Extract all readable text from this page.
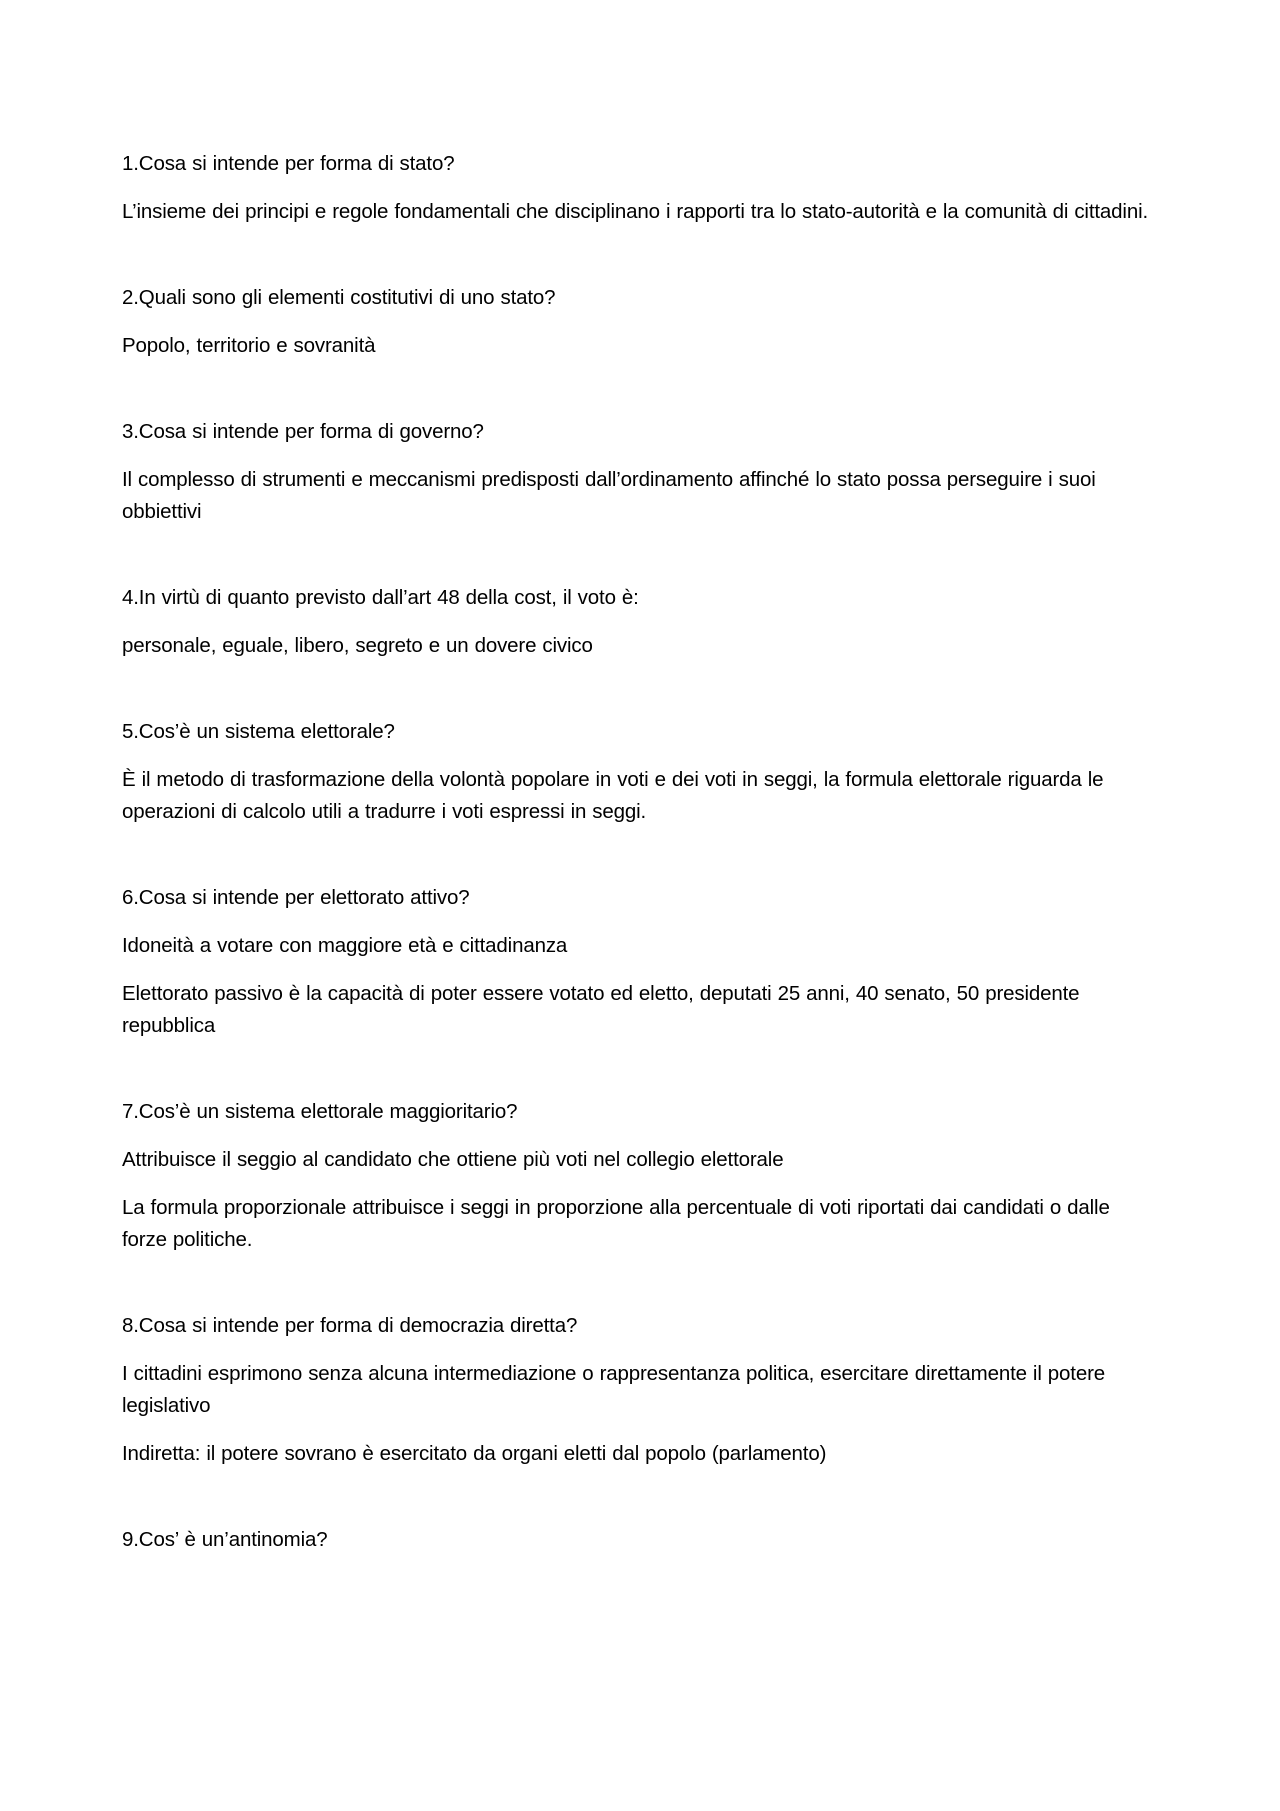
1.Cosa si intende per forma di stato?

L’insieme dei principi e regole fondamentali che disciplinano i rapporti tra lo stato-autorità e la comunità di cittadini.

2.Quali sono gli elementi costitutivi di uno stato?

Popolo, territorio e sovranità

3.Cosa si intende per forma di governo?

Il complesso di strumenti e meccanismi predisposti dall’ordinamento affinché lo stato possa perseguire i suoi obbiettivi

4.In virtù di quanto previsto dall’art 48 della cost, il voto è:

personale, eguale, libero, segreto e un dovere civico

5.Cos’è un sistema elettorale?

È il metodo di trasformazione della volontà popolare in voti e dei voti in seggi, la formula elettorale riguarda le operazioni di calcolo utili a tradurre i voti espressi in seggi.

6.Cosa si intende per elettorato attivo?

Idoneità a votare con maggiore età e cittadinanza

Elettorato passivo è la capacità di poter essere votato ed eletto, deputati 25 anni, 40 senato, 50 presidente repubblica

7.Cos’è un sistema elettorale maggioritario?

Attribuisce il seggio al candidato che ottiene più voti nel collegio elettorale

La formula proporzionale attribuisce i seggi in proporzione alla percentuale di voti riportati dai candidati o dalle forze politiche.

8.Cosa si intende per forma di democrazia diretta?

I cittadini esprimono senza alcuna intermediazione o rappresentanza politica, esercitare direttamente il potere legislativo

Indiretta: il potere sovrano è esercitato da organi eletti dal popolo (parlamento)

9.Cos’ è un’antinomia?
